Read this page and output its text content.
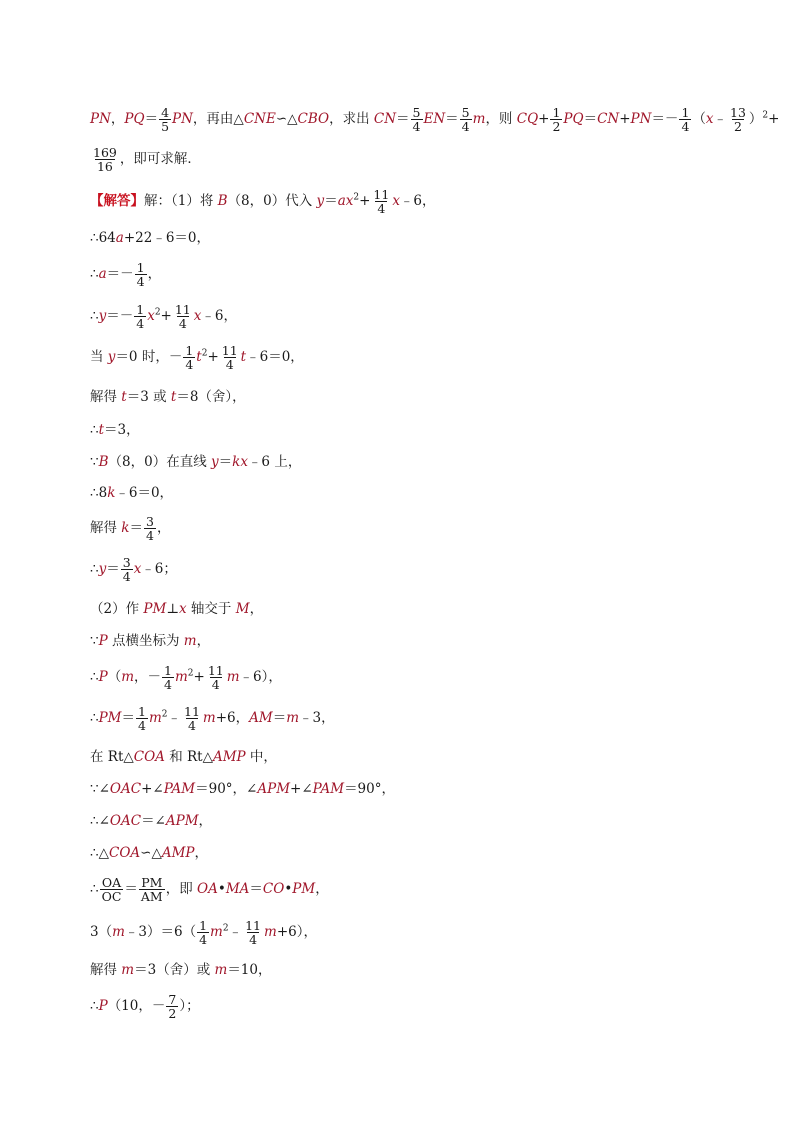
PN，$PQ= \frac{4}{5}$ PN，再由△CNE∽△CBO，求出 $CN= \frac{5}{4} EN= \frac{5}{4}$ m，则 $CQ+ \frac{1}{2} PQ=CN+PN=- \frac{1}{4}$ （x﹣ $\frac{13}{2} )^2+$
$\frac{169}{16}$ ，即可求解．
【解答】解：（1）将 B（8，0）代入 $y=ax^2+ \frac{11}{4}$ x﹣6，
∴64a+22﹣6＝0，
∴a＝－ $\frac{1}{4}$ ，
∴y＝－ $\frac{1}{4} x^2+ \frac{11}{4}$ x﹣6，
当 y＝0 时，－ $\frac{1}{4} t^2+ \frac{11}{4}$ t﹣6＝0，
解得 t＝3 或 t＝8（舍），
∴t＝3，
∵B（8，0）在直线 y＝kx﹣6 上，
∴8k﹣6＝0，
解得 $k= \frac{3}{4}$ ，
∴y＝ $\frac{3}{4}$ x﹣6；
（2）作 PM⊥x 轴交于 M，
∵P 点横坐标为 m，
∴P（m，－ $\frac{1}{4} m^2+ \frac{11}{4}$ m﹣6），
∴PM＝ $\frac{1}{4}$ $m^2﹣ \frac{11}{4} m+6$，AM＝m﹣3，
在 Rt△COA 和 Rt△AMP 中，
∵∠OAC+∠PAM＝90°，∠APM+∠PAM＝90°，
∴∠OAC＝∠APM，
∴△COA∽△AMP，
∴ $\frac{OA}{OC} = \frac{PM}{AM}$ ，即 OA•MA＝CO•PM，
3（m﹣3）＝6（ $\frac{1}{4}$ $m^2﹣ \frac{11}{4} m+6$），
解得 m＝3（舍）或 m＝10，
∴P（10，－ $\frac{7}{2}$ ）；
